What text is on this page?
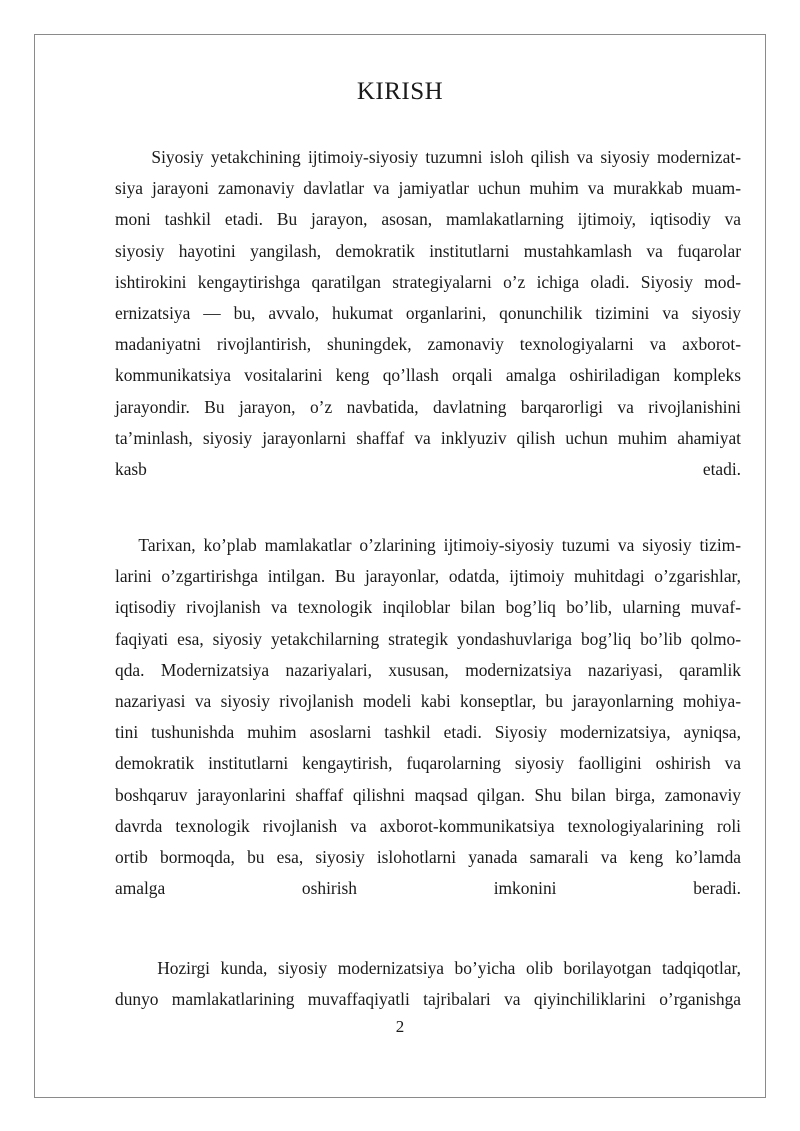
KIRISH
Siyosiy yetakchining ijtimoiy-siyosiy tuzumni isloh qilish va siyosiy modernizat-
siya jarayoni zamonaviy davlatlar va jamiyatlar uchun muhim va murakkab muam-
moni tashkil etadi. Bu jarayon, asosan, mamlakatlarning ijtimoiy, iqtisodiy va
siyosiy hayotini yangilash, demokratik institutlarni mustahkamlash va fuqarolar
ishtirokini kengaytirishga qaratilgan strategiyalarni o’z ichiga oladi. Siyosiy mod-
ernizatsiya — bu, avvalo, hukumat organlarini, qonunchilik tizimini va siyosiy
madaniyatni rivojlantirish, shuningdek, zamonaviy texnologiyalarni va axborot-
kommunikatsiya vositalarini keng qo’llash orqali amalga oshiriladigan kompleks
jarayondir. Bu jarayon, o’z navbatida, davlatning barqarorligi va rivojlanishini
ta’minlash, siyosiy jarayonlarni shaffaf va inklyuziv qilish uchun muhim ahamiyat
kasb etadi.
Tarixan, ko’plab mamlakatlar o’zlarining ijtimoiy-siyosiy tuzumi va siyosiy tizim-
larini o’zgartirishga intilgan. Bu jarayonlar, odatda, ijtimoiy muhitdagi o’zgarishlar,
iqtisodiy rivojlanish va texnologik inqiloblar bilan bog’liq bo’lib, ularning muvaf-
faqiyati esa, siyosiy yetakchilarning strategik yondashuvlariga bog’liq bo’lib qolmo-
qda. Modernizatsiya nazariyalari, xususan, modernizatsiya nazariyasi, qaramlik
nazariyasi va siyosiy rivojlanish modeli kabi konseptlar, bu jarayonlarning mohiya-
tini tushunishda muhim asoslarni tashkil etadi. Siyosiy modernizatsiya, ayniqsa,
demokratik institutlarni kengaytirish, fuqarolarning siyosiy faolligini oshirish va
boshqaruv jarayonlarini shaffaf qilishni maqsad qilgan. Shu bilan birga, zamonaviy
davrda texnologik rivojlanish va axborot-kommunikatsiya texnologiyalarining roli
ortib bormoqda, bu esa, siyosiy islohotlarni yanada samarali va keng ko’lamda
amalga oshirish imkonini beradi.
Hozirgi kunda, siyosiy modernizatsiya bo’yicha olib borilayotgan tadqiqotlar,
dunyo mamlakatlarining muvaffaqiyatli tajribalari va qiyinchiliklarini o’rganishga
2
